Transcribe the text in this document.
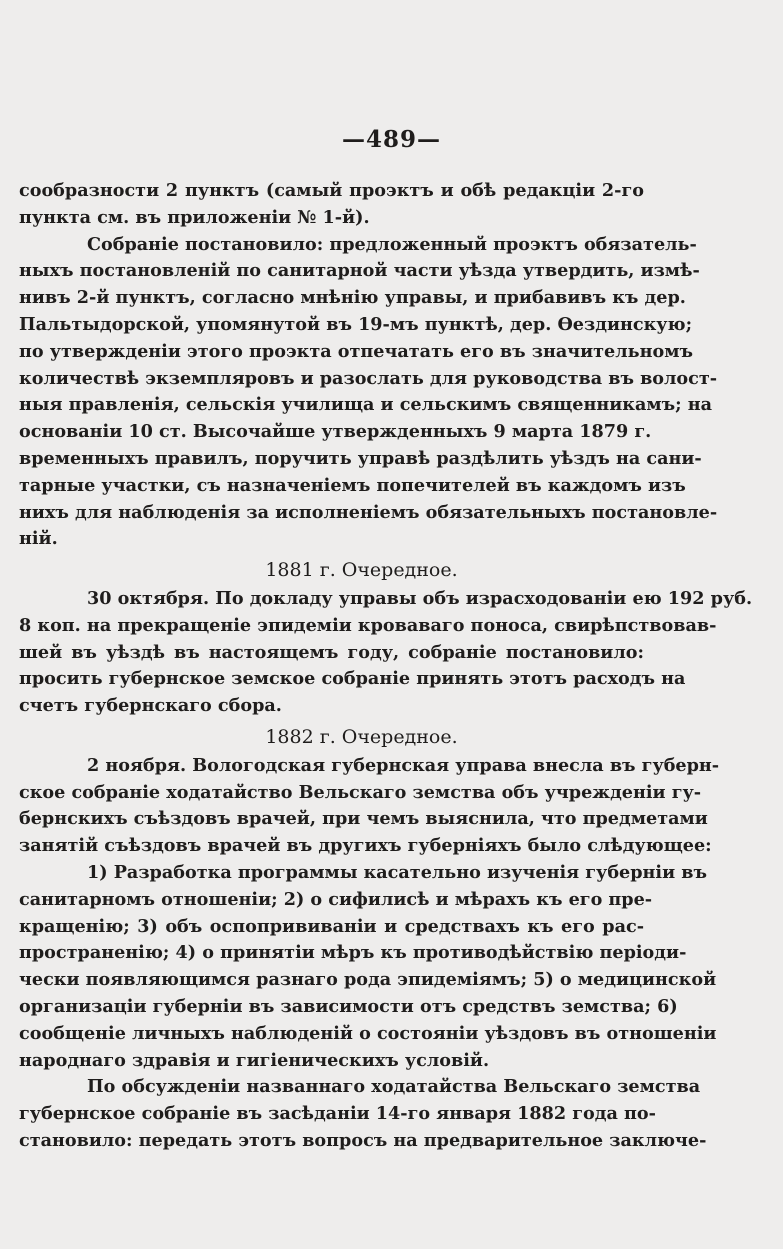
—489—
сообразности 2 пунктъ (самый проэктъ и обѣ редакціи 2-го
пункта см. въ приложеніи № 1-й).
Собраніе постановило: предложенный проэктъ обязатель-
ныхъ постановленій по санитарной части уѣзда утвердить, измѣ-
нивъ 2-й пунктъ, согласно мнѣнію управы, и прибавивъ къ дер.
Пальтыдорской, упомянутой въ 19-мъ пунктѣ, дер. Ѳездинскую;
по утвержденіи этого проэкта отпечатать его въ значительномъ
количествѣ экземпляровъ и разослать для руководства въ волост-
ныя правленія, сельскія училища и сельскимъ священникамъ; на
основаніи 10 ст. Высочайше утвержденныхъ 9 марта 1879 г.
временныхъ правилъ, поручить управѣ раздѣлить уѣздъ на сани-
тарные участки, съ назначеніемъ попечителей въ каждомъ изъ
нихъ для наблюденія за исполненіемъ обязательныхъ постановле-
ній.
1881 г. Очередное.
30 октября. По докладу управы объ израсходованіи ею 192 руб.
8 коп. на прекращеніе эпидеміи кроваваго поноса, свирѣпствовав-
шей въ уѣздѣ въ настоящемъ году, собраніе постановило:
просить губернское земское собраніе принять этотъ расходъ на
счетъ губернскаго сбора.
1882 г. Очередное.
2 ноября. Вологодская губернская управа внесла въ губерн-
ское собраніе ходатайство Вельскаго земства объ учрежденіи гу-
бернскихъ съѣздовъ врачей, при чемъ выяснила, что предметами
занятій съѣздовъ врачей въ другихъ губерніяхъ было слѣдующее:
1) Разработка программы касательно изученія губерніи въ
санитарномъ отношеніи; 2) о сифилисѣ и мѣрахъ къ его пре-
кращенію; 3) объ оспопрививаніи и средствахъ къ его рас-
пространенію; 4) о принятіи мѣръ къ противодѣйствію періоди-
чески появляющимся разнаго рода эпидеміямъ; 5) о медицинской
организаціи губерніи въ зависимости отъ средствъ земства; 6)
сообщеніе личныхъ наблюденій о состояніи уѣздовъ въ отношеніи
народнаго здравія и гигіеническихъ условій.
По обсужденіи названнаго ходатайства Вельскаго земства
губернское собраніе въ засѣданіи 14-го января 1882 года по-
становило: передать этотъ вопросъ на предварительное заключе-
